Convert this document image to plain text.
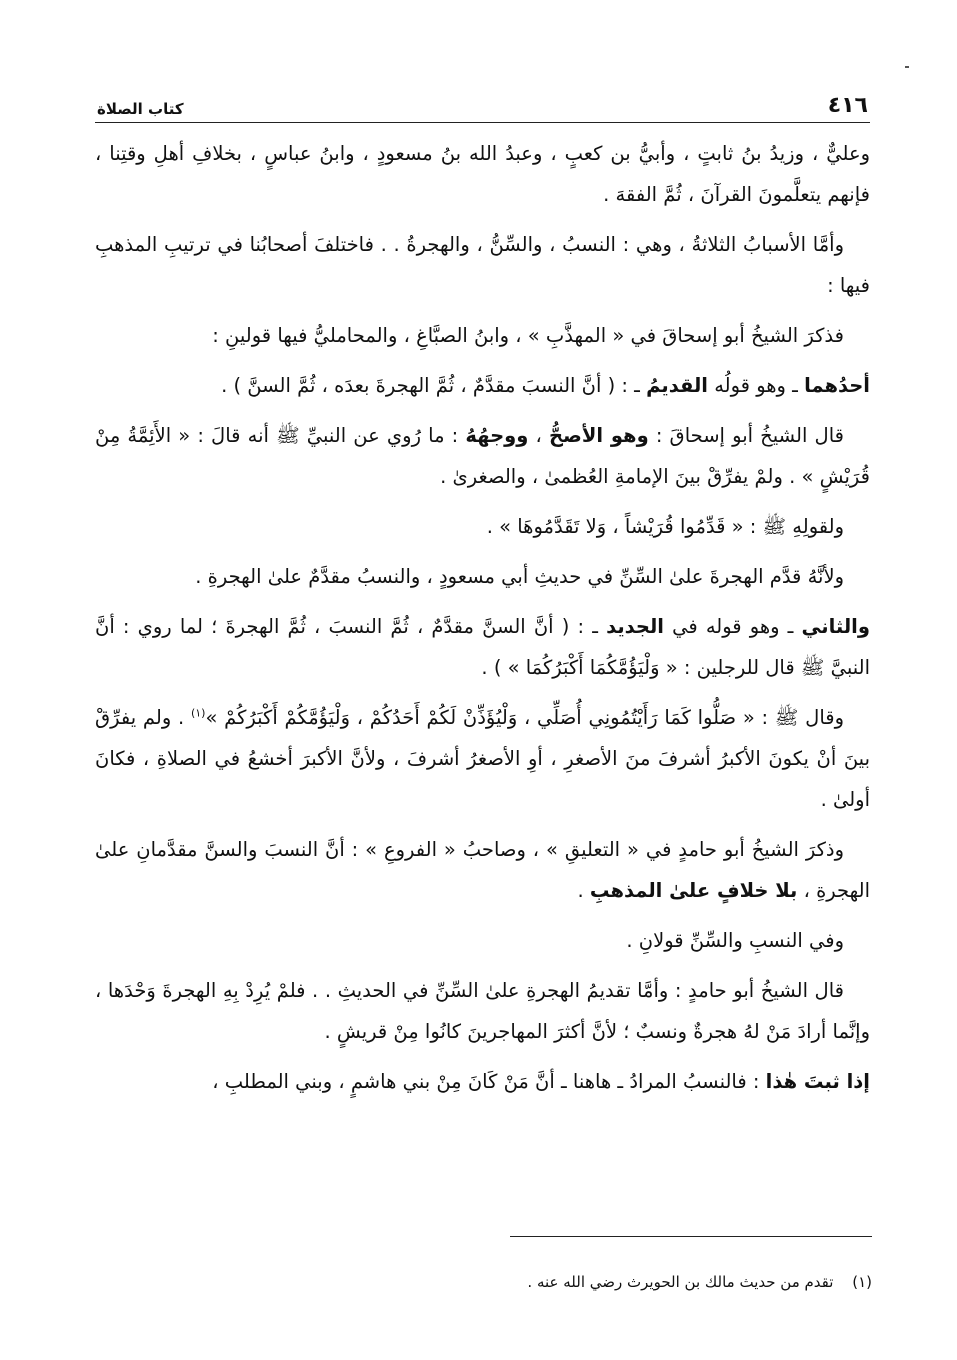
٤١٦
كتاب الصلاة

وعليٌّ ، وزيدُ بنُ ثابتٍ ، وأبيُّ بن كعبٍ ، وعبدُ الله بنُ مسعودٍ ، وابنُ عباسٍ ، بخلافِ أهلِ وقتِنا ، فإنهم يتعلَّمونَ القرآنَ ، ثُمَّ الفقهَ .

وأمَّا الأسبابُ الثلاثةُ ، وهي : النسبُ ، والسِّنُّ ، والهجرةُ . . فاختلفَ أصحابُنا في ترتيبِ المذهبِ فيها :

فذكرَ الشيخُ أبو إسحاقَ في « المهذَّبِ » ، وابنُ الصبَّاغِ ، والمحامليُّ فيها قولينِ :

أحدُهما ـ وهو قولُه القديمُ ـ : ( أنَّ النسبَ مقدَّمٌ ، ثُمَّ الهجرةَ بعدَه ، ثُمَّ السنَّ ) .

قال الشيخُ أبو إسحاقَ : وهو الأصحُّ ، ووجهُهُ : ما رُوي عن النبيِّ ﷺ أنه قالَ : « الأَئِمَّةُ مِنْ قُرَيْشٍ » . ولمْ يفرِّقْ بينَ الإمامةِ العُظمىٰ ، والصغرىٰ .

ولقولِهِ ﷺ : « قَدِّمُوا قُرَيْشاً ، وَلا تَقَدَّمُوهَا » .

ولأنَّهُ قدَّم الهجرةَ علىٰ السِّنِّ في حديثِ أبي مسعودٍ ، والنسبُ مقدَّمٌ علىٰ الهجرةِ .

والثاني ـ وهو قوله في الجديد ـ : ( أنَّ السنَّ مقدَّمٌ ، ثُمَّ النسبَ ، ثُمَّ الهجرةَ ؛ لما روي : أنَّ النبيَّ ﷺ قال للرجلين : « وَلْيَؤُمَّكُمَا أَكْبَرُكُمَا » ) .

وقال ﷺ : « صَلُّوا كَمَا رَأَيْتُمُونِي أُصَلِّي ، وَلْيُؤَذِّنْ لَكُمْ أَحَدُكُمْ ، وَلْيَؤُمَّكُمْ أَكْبَرُكُمْ »$^{(١)}$ . ولم يفرِّقْ بينَ أنْ يكونَ الأكبرُ أشرفَ منَ الأصغرِ ، أوِ الأصغرُ أشرفَ ، ولأنَّ الأكبرَ أخشعُ في الصلاةِ ، فكانَ أولىٰ .

وذكرَ الشيخُ أبو حامدٍ في « التعليقِ » ، وصاحبُ « الفروعِ » : أنَّ النسبَ والسنَّ مقدَّمانِ علىٰ الهجرةِ ، بلا خلافٍ علىٰ المذهبِ .

وفي النسبِ والسِّنِّ قولانِ .

قال الشيخُ أبو حامدٍ : وأمَّا تقديمُ الهجرةِ علىٰ السِّنِّ في الحديثِ . . فلمْ يُرِدْ بِهِ الهجرةَ وَحْدَها ، وإنَّما أرادَ مَنْ لهُ هجرةٌ ونسبٌ ؛ لأنَّ أكثرَ المهاجرينَ كانُوا مِنْ قريشٍ .

إذا ثبتَ هٰذا : فالنسبُ المرادُ ـ هاهنا ـ أنَّ مَنْ كَانَ مِنْ بني هاشمٍ ، وبني المطلبِ ،

(١) تقدم من حديث مالك بن الحويرث رضي الله عنه .
